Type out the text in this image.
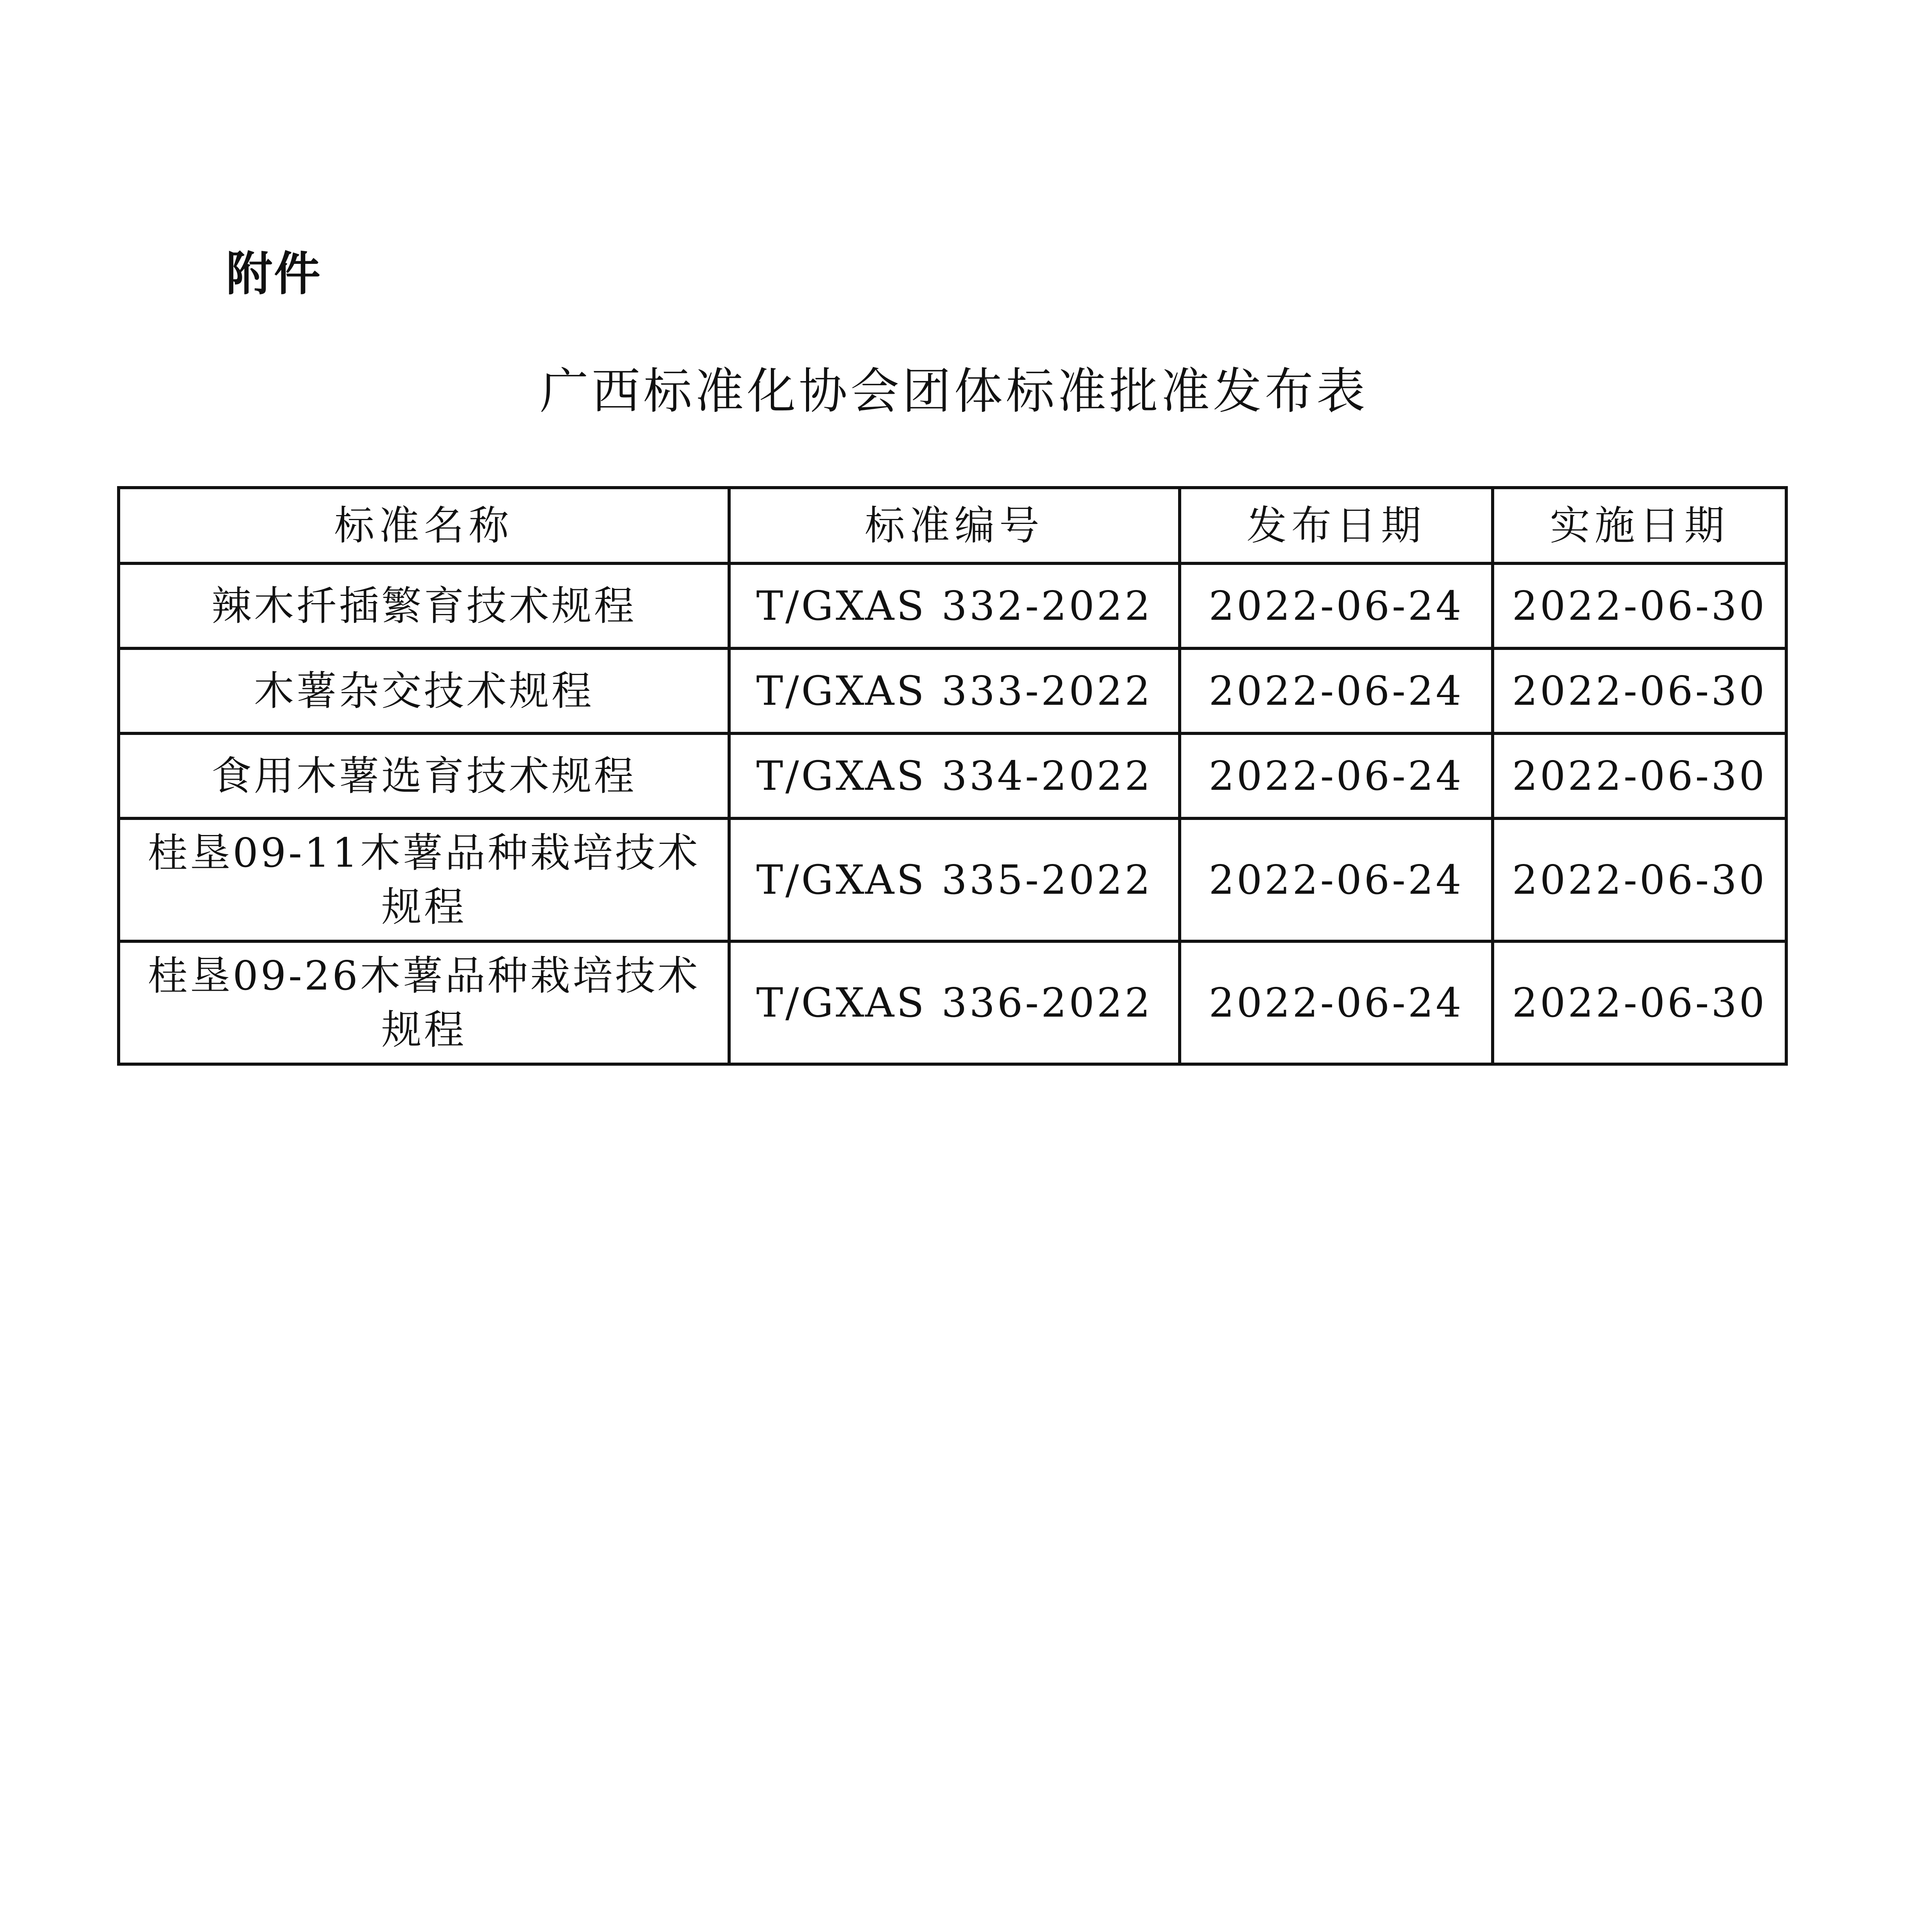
附件
广西标准化协会团体标准批准发布表
标准名称	标准编号	发布日期	实施日期
辣木扦插繁育技术规程	T/GXAS 332-2022	2022-06-24	2022-06-30
木薯杂交技术规程	T/GXAS 333-2022	2022-06-24	2022-06-30
食用木薯选育技术规程	T/GXAS 334-2022	2022-06-24	2022-06-30
桂垦09-11木薯品种栽培技术规程	T/GXAS 335-2022	2022-06-24	2022-06-30
桂垦09-26木薯品种栽培技术规程	T/GXAS 336-2022	2022-06-24	2022-06-30
